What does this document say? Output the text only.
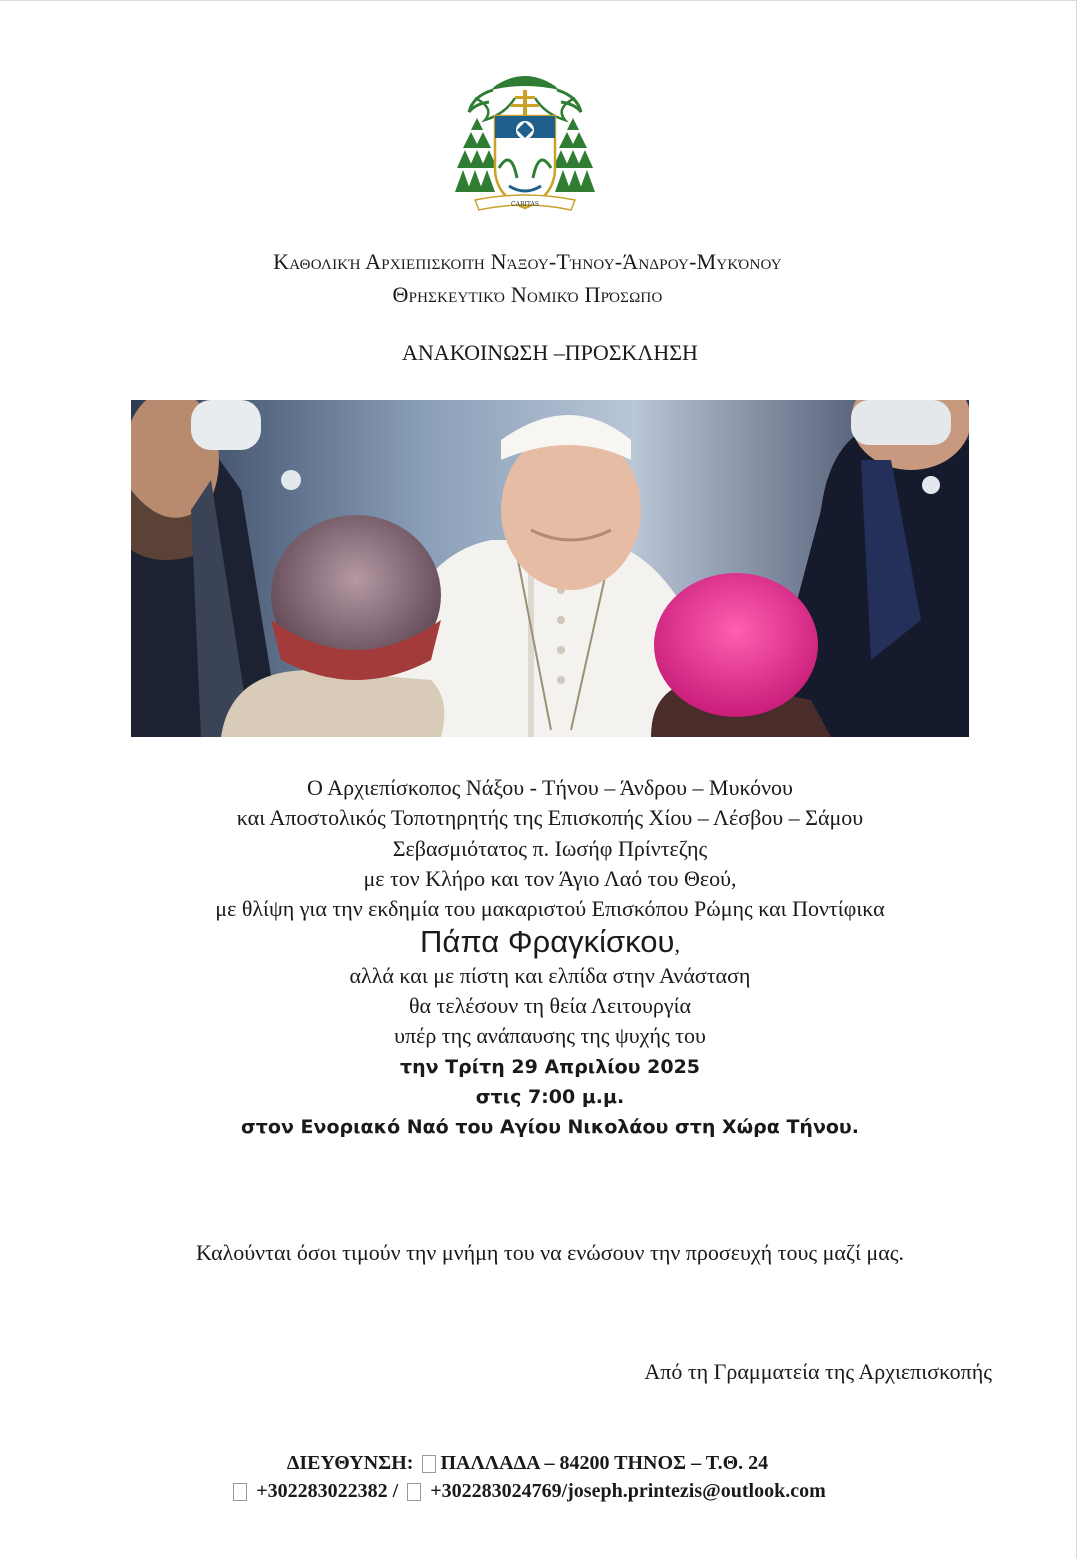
CARITAS
Καθολική Αρχιεπισκοπή Νάξου-Τήνου-Άνδρου-Μυκόνου
Θρησκευτικό Νομικό Πρόσωπο
ΑΝΑΚΟΙΝΩΣΗ –ΠΡΟΣΚΛΗΣΗ
Ο Αρχιεπίσκοπος Νάξου - Τήνου – Άνδρου – Μυκόνου
και Αποστολικός Τοποτηρητής της Επισκοπής Χίου – Λέσβου – Σάμου
Σεβασμιότατος π. Ιωσήφ Πρίντεζης
με τον Κλήρο και τον Άγιο Λαό του Θεού,
με θλίψη για την εκδημία του μακαριστού Επισκόπου Ρώμης και Ποντίφικα
Πάπα Φραγκίσκου,
αλλά και με πίστη και ελπίδα στην Ανάσταση
θα τελέσουν τη θεία Λειτουργία
υπέρ της ανάπαυσης της ψυχής του
την Τρίτη 29 Απριλίου 2025
στις 7:00 μ.μ.
στον Ενοριακό Ναό του Αγίου Νικολάου στη Χώρα Τήνου.
Καλούνται όσοι τιμούν την μνήμη του να ενώσουν την προσευχή τους μαζί μας.
Από τη Γραμματεία της Αρχιεπισκοπής
ΔΙΕΥΘΥΝΣΗ: ΠΑΛΛΑΔΑ – 84200 ΤΗΝΟΣ – Τ.Θ. 24
+302283022382 / +302283024769/joseph.printezis@outlook.com
